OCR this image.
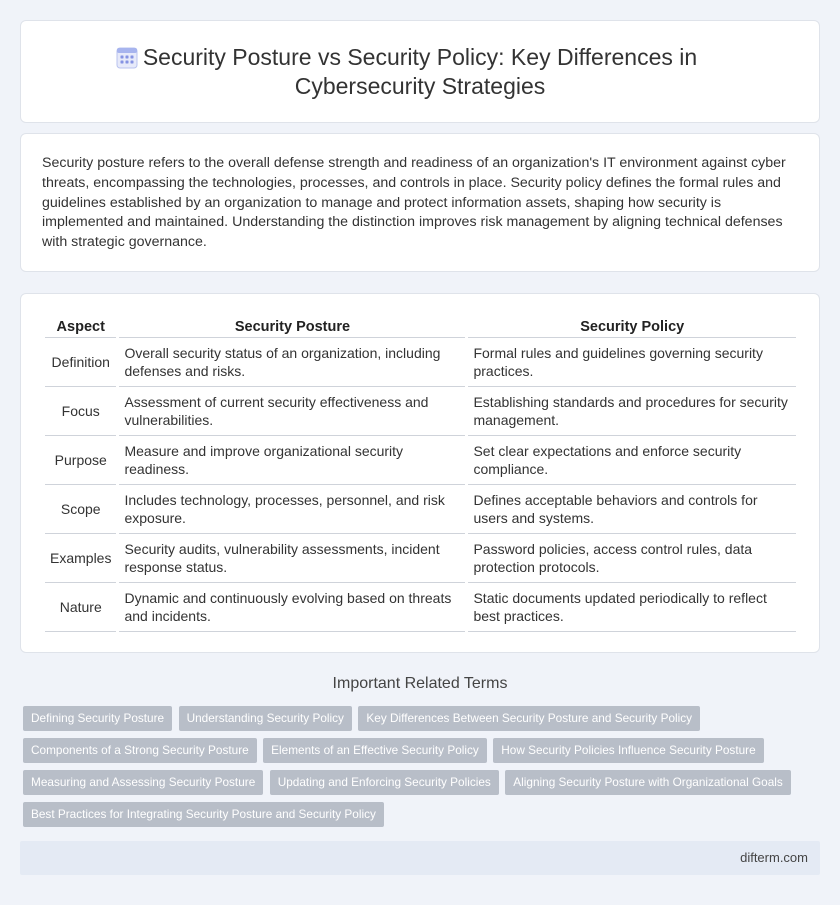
Security Posture vs Security Policy: Key Differences in
Cybersecurity Strategies

Security posture refers to the overall defense strength and readiness of an organization's IT environment against cyber threats, encompassing the technologies, processes, and controls in place. Security policy defines the formal rules and guidelines established by an organization to manage and protect information assets, shaping how security is implemented and maintained. Understanding the distinction improves risk management by aligning technical defenses with strategic governance.

Aspect	Security Posture	Security Policy
Definition	Overall security status of an organization, including defenses and risks.	Formal rules and guidelines governing security practices.
Focus	Assessment of current security effectiveness and vulnerabilities.	Establishing standards and procedures for security management.
Purpose	Measure and improve organizational security readiness.	Set clear expectations and enforce security compliance.
Scope	Includes technology, processes, personnel, and risk exposure.	Defines acceptable behaviors and controls for users and systems.
Examples	Security audits, vulnerability assessments, incident response status.	Password policies, access control rules, data protection protocols.
Nature	Dynamic and continuously evolving based on threats and incidents.	Static documents updated periodically to reflect best practices.
Important Related Terms
Defining Security Posture Understanding Security Policy Key Differences Between Security Posture and Security Policy Components of a Strong Security Posture Elements of an Effective Security Policy How Security Policies Influence Security Posture Measuring and Assessing Security Posture Updating and Enforcing Security Policies Aligning Security Posture with Organizational Goals Best Practices for Integrating Security Posture and Security Policy
difterm.com
